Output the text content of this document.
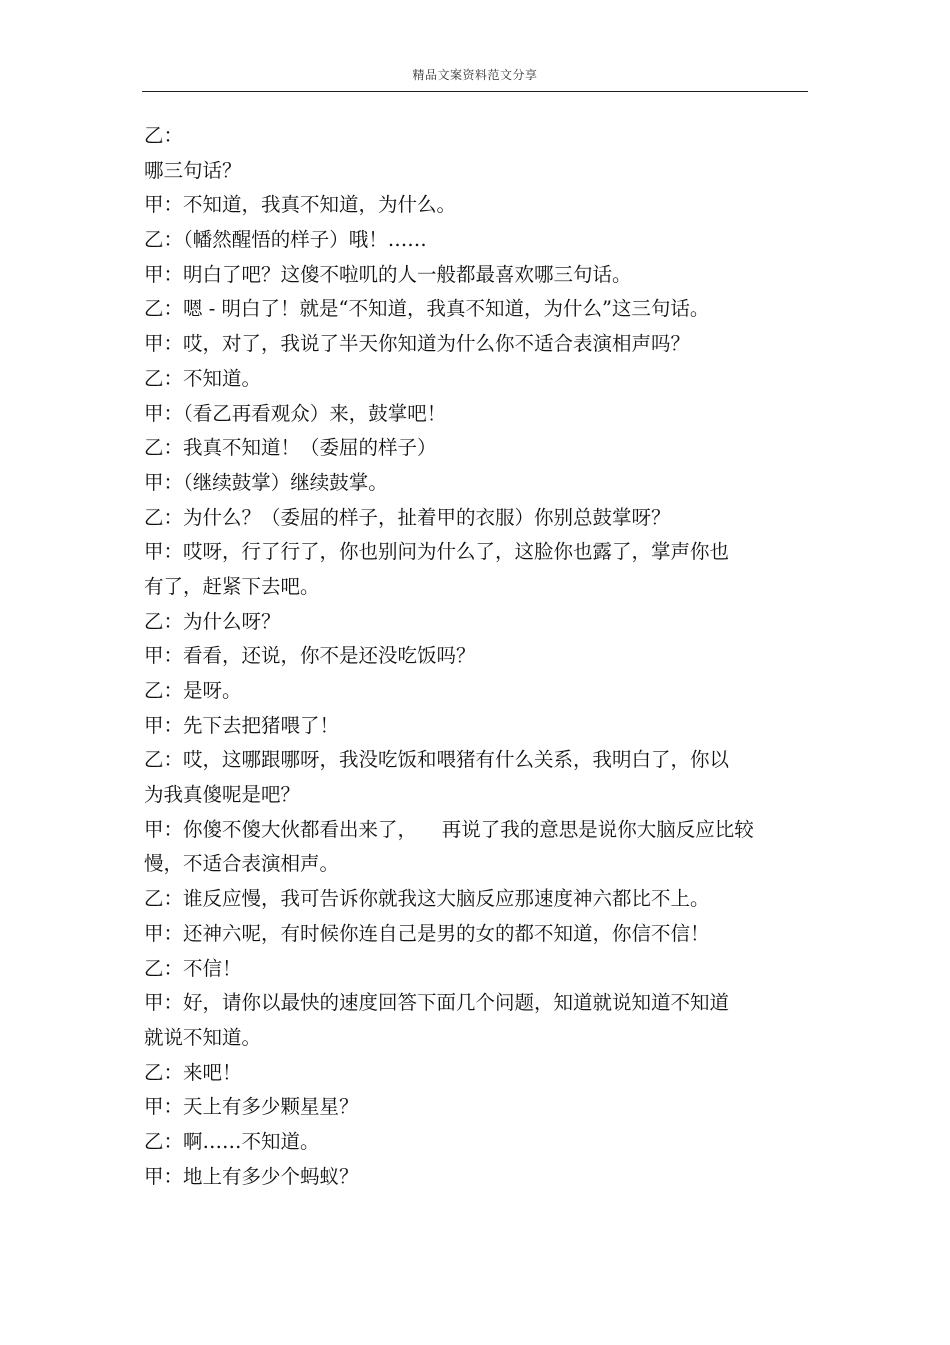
精品文案资料范文分享
乙：
哪三句话？
甲：不知道，我真不知道，为什么。
乙：（幡然醒悟的样子）哦！……
甲：明白了吧？这傻不啦叽的人一般都最喜欢哪三句话。
乙：嗯 - 明白了！就是“不知道，我真不知道，为什么”这三句话。
甲：哎，对了，我说了半天你知道为什么你不适合表演相声吗？
乙：不知道。
甲：（看乙再看观众）来，鼓掌吧！
乙：我真不知道！（委屈的样子）
甲：（继续鼓掌）继续鼓掌。
乙：为什么？（委屈的样子，扯着甲的衣服）你别总鼓掌呀？
甲：哎呀，行了行了，你也别问为什么了，这脸你也露了，掌声你也
有了，赶紧下去吧。
乙：为什么呀？
甲：看看，还说，你不是还没吃饭吗？
乙：是呀。
甲：先下去把猪喂了！
乙：哎，这哪跟哪呀，我没吃饭和喂猪有什么关系，我明白了，你以
为我真傻呢是吧？
甲：你傻不傻大伙都看出来了，    再说了我的意思是说你大脑反应比较
慢，不适合表演相声。
乙：谁反应慢，我可告诉你就我这大脑反应那速度神六都比不上。
甲：还神六呢，有时候你连自己是男的女的都不知道，你信不信！
乙：不信！
甲：好，请你以最快的速度回答下面几个问题，知道就说知道不知道
就说不知道。
乙：来吧！
甲：天上有多少颗星星？
乙：啊……不知道。
甲：地上有多少个蚂蚁？
